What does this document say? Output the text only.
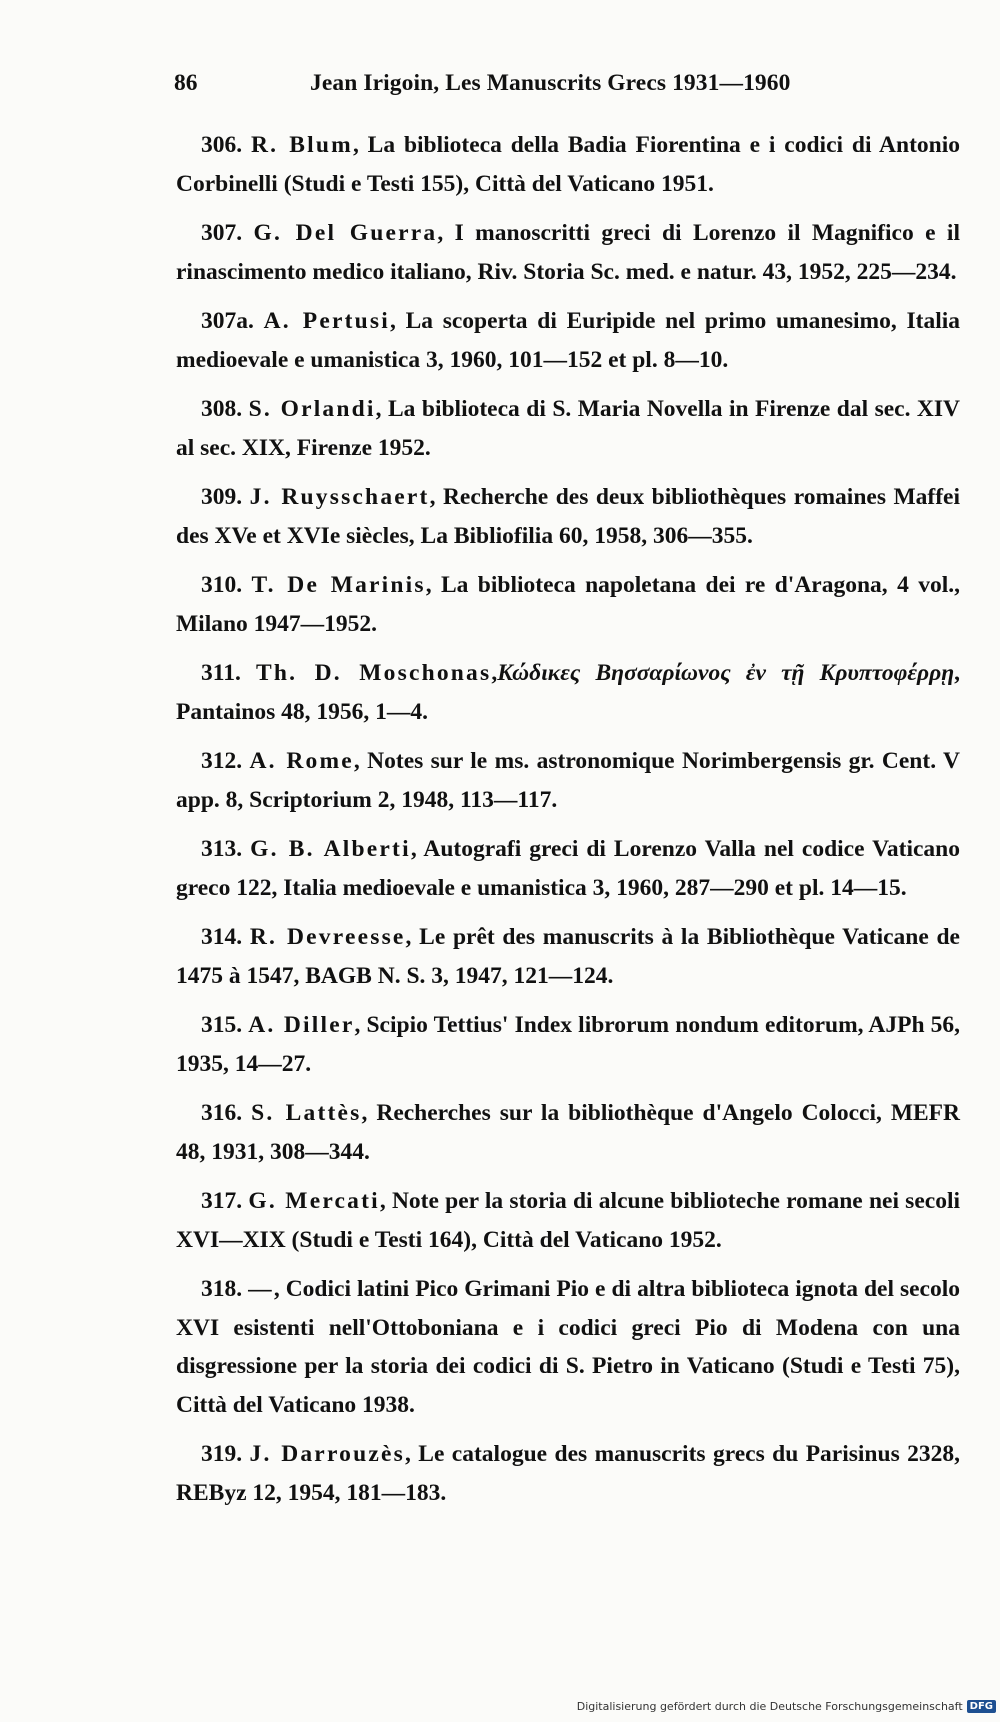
86	Jean Irigoin, Les Manuscrits Grecs 1931—1960

306. R. Blum, La biblioteca della Badia Fiorentina e i codici di Antonio Corbinelli (Studi e Testi 155), Città del Vaticano 1951.

307. G. Del Guerra, I manoscritti greci di Lorenzo il Magnifico e il rinascimento medico italiano, Riv. Storia Sc. med. e natur. 43, 1952, 225—234.

307a. A. Pertusi, La scoperta di Euripide nel primo umanesimo, Italia medioevale e umanistica 3, 1960, 101—152 et pl. 8—10.

308. S. Orlandi, La biblioteca di S. Maria Novella in Firenze dal sec. XIV al sec. XIX, Firenze 1952.

309. J. Ruysschaert, Recherche des deux bibliothèques romaines Maffei des XVe et XVIe siècles, La Bibliofilia 60, 1958, 306—355.

310. T. De Marinis, La biblioteca napoletana dei re d'Aragona, 4 vol., Milano 1947—1952.

311. Th. D. Moschonas,Κώδικες Βησσαρίωνος ἐν τῇ Κρυπτοφέρρῃ, Pantainos 48, 1956, 1—4.

312. A. Rome, Notes sur le ms. astronomique Norimbergensis gr. Cent. V app. 8, Scriptorium 2, 1948, 113—117.

313. G. B. Alberti, Autografi greci di Lorenzo Valla nel codice Vaticano greco 122, Italia medioevale e umanistica 3, 1960, 287—290 et pl. 14—15.

314. R. Devreesse, Le prêt des manuscrits à la Bibliothèque Vaticane de 1475 à 1547, BAGB N. S. 3, 1947, 121—124.

315. A. Diller, Scipio Tettius' Index librorum nondum editorum, AJPh 56, 1935, 14—27.

316. S. Lattès, Recherches sur la bibliothèque d'Angelo Colocci, MEFR 48, 1931, 308—344.

317. G. Mercati, Note per la storia di alcune biblioteche romane nei secoli XVI—XIX (Studi e Testi 164), Città del Vaticano 1952.

318. —, Codici latini Pico Grimani Pio e di altra biblioteca ignota del secolo XVI esistenti nell'Ottoboniana e i codici greci Pio di Modena con una disgressione per la storia dei codici di S. Pietro in Vaticano (Studi e Testi 75), Città del Vaticano 1938.

319. J. Darrouzès, Le catalogue des manuscrits grecs du Parisinus 2328, REByz 12, 1954, 181—183.

Digitalisierung gefördert durch die Deutsche Forschungsgemeinschaft DFG
